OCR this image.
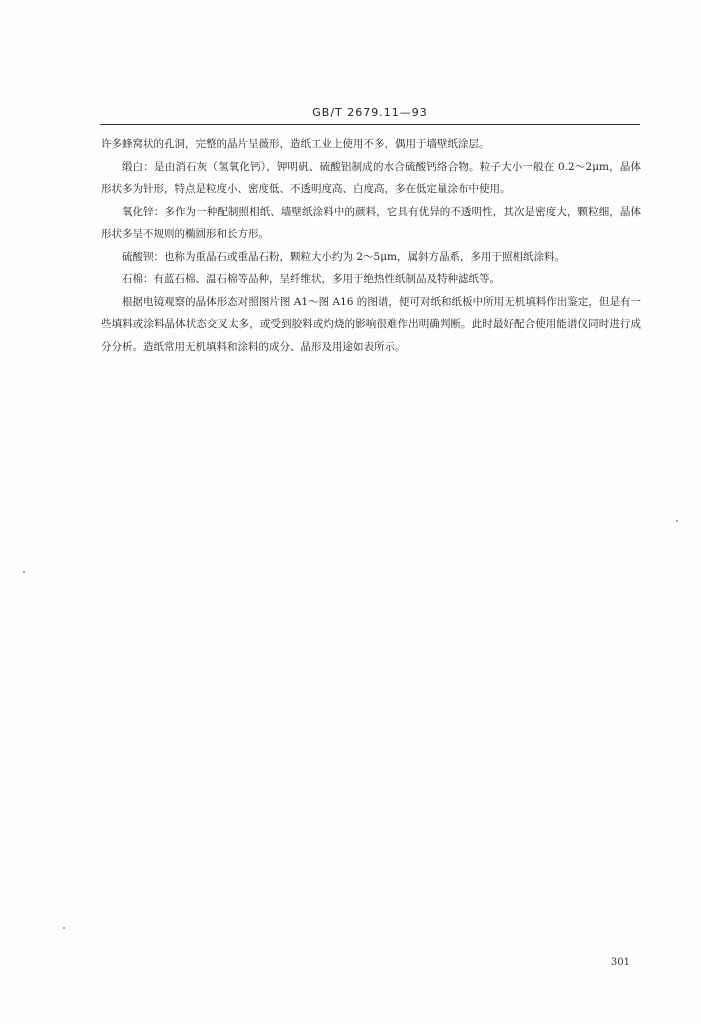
GB/T 2679.11—93

许多蜂窝状的孔洞，完整的晶片呈薇形，造纸工业上使用不多，偶用于墙壁纸涂层。

缎白：是由消石灰（氢氧化钙），钾明矾、硫酸铝制成的水合硫酸钙络合物。粒子大小一般在 0.2～2μm，晶体形状多为针形，特点是粒度小、密度低、不透明度高、白度高，多在低定量涂布中使用。

氧化锌：多作为一种配制照相纸、墙壁纸涂料中的颜料，它具有优异的不透明性，其次是密度大，颗粒细，晶体形状多呈不规则的椭圆形和长方形。

硫酸钡：也称为重晶石或重晶石粉，颗粒大小约为 2～5μm，属斜方晶系，多用于照相纸涂料。

石棉：有蓝石棉、温石棉等品种，呈纤维状，多用于绝热性纸制品及特种滤纸等。

根据电镜观察的晶体形态对照图片图 A1～图 A16 的图谱，便可对纸和纸板中所用无机填料作出鉴定，但是有一些填料或涂料晶体状态交叉太多，或受到胶料或灼烧的影响很难作出明确判断。此时最好配合使用能谱仪同时进行成分分析。造纸常用无机填料和涂料的成分、晶形及用途如表所示。

301
